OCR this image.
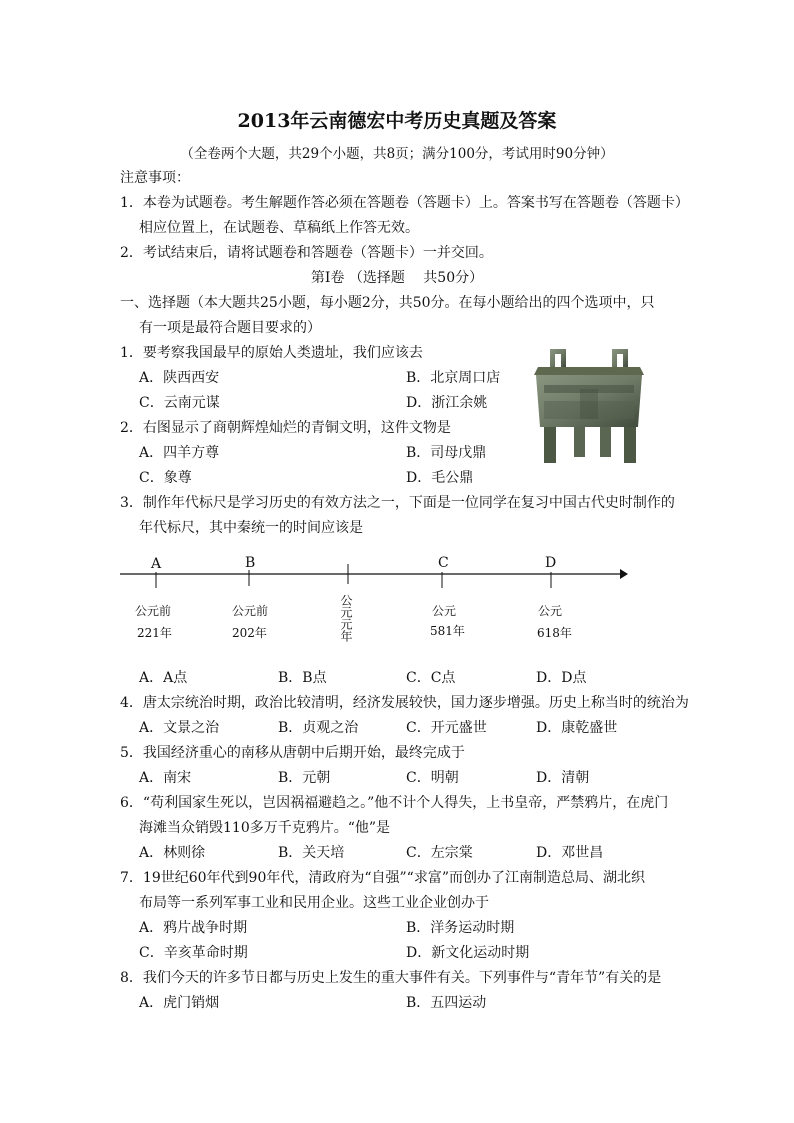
2013年云南德宏中考历史真题及答案
（全卷两个大题，共29个小题，共8页；满分100分，考试用时90分钟）
注意事项：
1．本卷为试题卷。考生解题作答必须在答题卷（答题卡）上。答案书写在答题卷（答题卡）
相应位置上，在试题卷、草稿纸上作答无效。
2．考试结束后，请将试题卷和答题卷（答题卡）一并交回。
第Ⅰ卷 （选择题　 共50分）
一、选择题（本大题共25小题，每小题2分，共50分。在每小题给出的四个选项中，只
有一项是最符合题目要求的）
1．要考察我国最早的原始人类遗址，我们应该去
A．陕西西安	B．北京周口店
C．云南元谋	D．浙江余姚
2．右图显示了商朝辉煌灿烂的青铜文明，这件文物是
A．四羊方尊	B．司母戊鼎
C．象尊	D．毛公鼎
3．制作年代标尺是学习历史的有效方法之一，下面是一位同学在复习中国古代史时制作的
年代标尺，其中秦统一的时间应该是
A	B	C	D
公元前
221年
公元前
202年	公元元年	公元
581年
公元
618年
A．A点	B．B点	C．C点	D．D点
4．唐太宗统治时期，政治比较清明，经济发展较快，国力逐步增强。历史上称当时的统治为
A．文景之治	B．贞观之治	C．开元盛世	D．康乾盛世
5．我国经济重心的南移从唐朝中后期开始，最终完成于
A．南宋	B．元朝	C．明朝	D．清朝
6．“苟利国家生死以，岂因祸福避趋之。”他不计个人得失，上书皇帝，严禁鸦片，在虎门
海滩当众销毁110多万千克鸦片。“他”是
A．林则徐	B．关天培	C．左宗棠	D．邓世昌
7．19世纪60年代到90年代，清政府为“自强”“求富”而创办了江南制造总局、湖北织
布局等一系列军事工业和民用企业。这些工业企业创办于
A．鸦片战争时期	B．洋务运动时期
C．辛亥革命时期	D．新文化运动时期
8．我们今天的许多节日都与历史上发生的重大事件有关。下列事件与“青年节”有关的是
A．虎门销烟	B．五四运动
